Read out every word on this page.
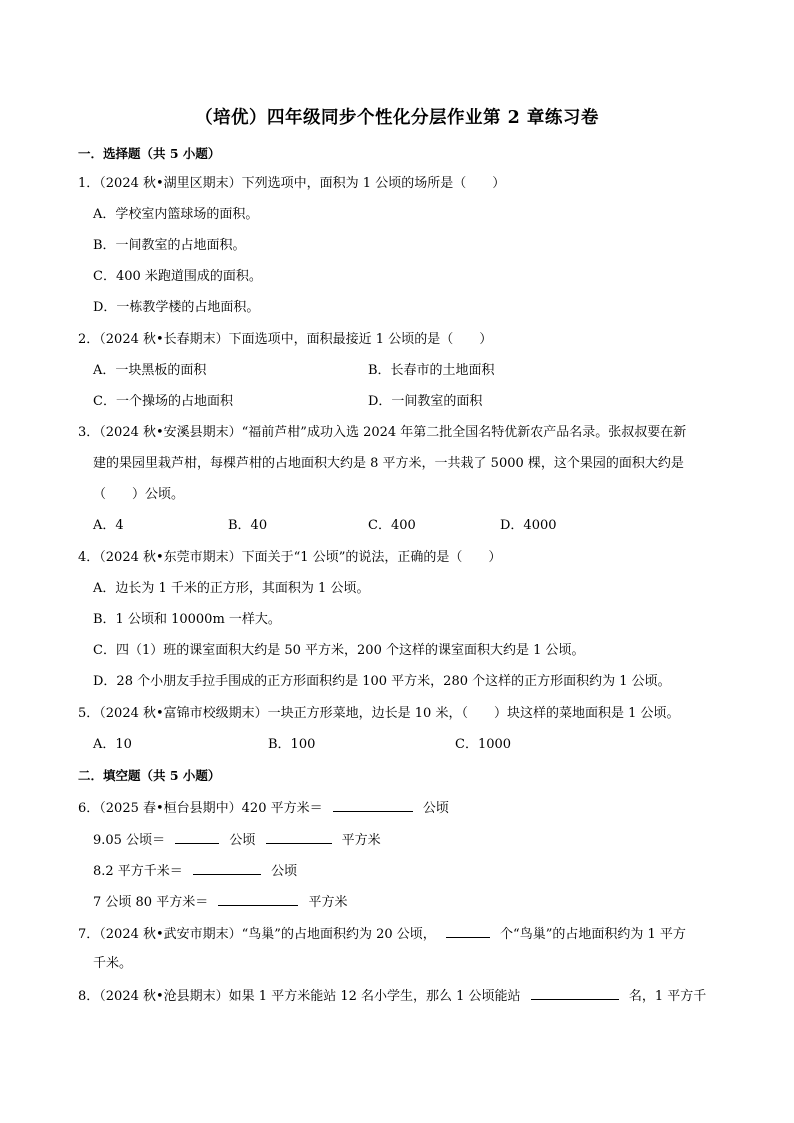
（培优）四年级同步个性化分层作业第 2 章练习卷
一．选择题（共 5 小题）
1．（2024 秋•湖里区期末）下列选项中，面积为 1 公顷的场所是（　　）
A．学校室内篮球场的面积。
B．一间教室的占地面积。
C．400 米跑道围成的面积。
D．一栋教学楼的占地面积。
2．（2024 秋•长春期末）下面选项中，面积最接近 1 公顷的是（　　）
A．一块黑板的面积	B．长春市的土地面积
C．一个操场的占地面积	D．一间教室的面积
3．（2024 秋•安溪县期末）“福前芦柑”成功入选 2024 年第二批全国名特优新农产品名录。张叔叔要在新
建的果园里栽芦柑，每棵芦柑的占地面积大约是 8 平方米，一共栽了 5000 棵，这个果园的面积大约是
（　　）公顷。
A．4	B．40	C．400	D．4000
4．（2024 秋•东莞市期末）下面关于“1 公顷”的说法，正确的是（　　）
A．边长为 1 千米的正方形，其面积为 1 公顷。
B．1 公顷和 10000m 一样大。
C．四（1）班的课室面积大约是 50 平方米，200 个这样的课室面积大约是 1 公顷。
D．28 个小朋友手拉手围成的正方形面积约是 100 平方米，280 个这样的正方形面积约为 1 公顷。
5．（2024 秋•富锦市校级期末）一块正方形菜地，边长是 10 米，（　　）块这样的菜地面积是 1 公顷。
A．10	B．100	C．1000
二．填空题（共 5 小题）
6．（2025 春•桓台县期中）420 平方米＝	公顷
9.05 公顷＝	公顷	平方米
8.2 平方千米＝	公顷
7 公顷 80 平方米＝	平方米
7．（2024 秋•武安市期末）“鸟巢”的占地面积约为 20 公顷，	个“鸟巢”的占地面积约为 1 平方
千米。
8．（2024 秋•沧县期末）如果 1 平方米能站 12 名小学生，那么 1 公顷能站	名，1 平方千
